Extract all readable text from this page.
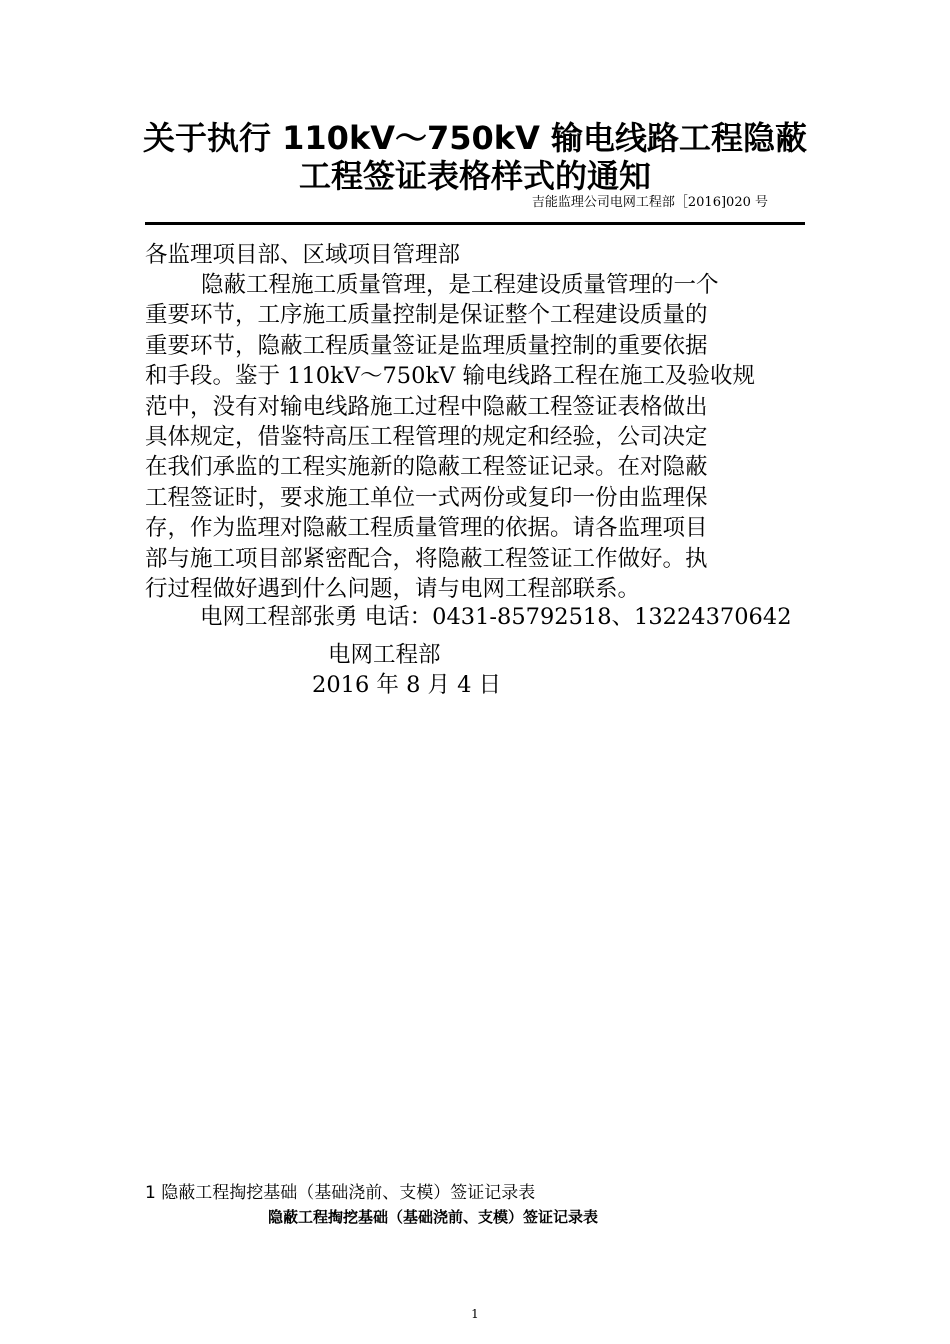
关于执行 110kV～750kV 输电线路工程隐蔽
工程签证表格样式的通知
吉能监理公司电网工程部［2016]020 号
各监理项目部、区域项目管理部
隐蔽工程施工质量管理，是工程建设质量管理的一个
重要环节，工序施工质量控制是保证整个工程建设质量的
重要环节，隐蔽工程质量签证是监理质量控制的重要依据
和手段。鉴于 110kV～750kV 输电线路工程在施工及验收规
范中，没有对输电线路施工过程中隐蔽工程签证表格做出
具体规定，借鉴特高压工程管理的规定和经验，公司决定
在我们承监的工程实施新的隐蔽工程签证记录。在对隐蔽
工程签证时，要求施工单位一式两份或复印一份由监理保
存，作为监理对隐蔽工程质量管理的依据。请各监理项目
部与施工项目部紧密配合，将隐蔽工程签证工作做好。执
行过程做好遇到什么问题，请与电网工程部联系。
电网工程部张勇 电话：0431-85792518、13224370642
电网工程部
2016 年 8 月 4 日
1 隐蔽工程掏挖基础（基础浇前、支模）签证记录表
隐蔽工程掏挖基础（基础浇前、支模）签证记录表
1
